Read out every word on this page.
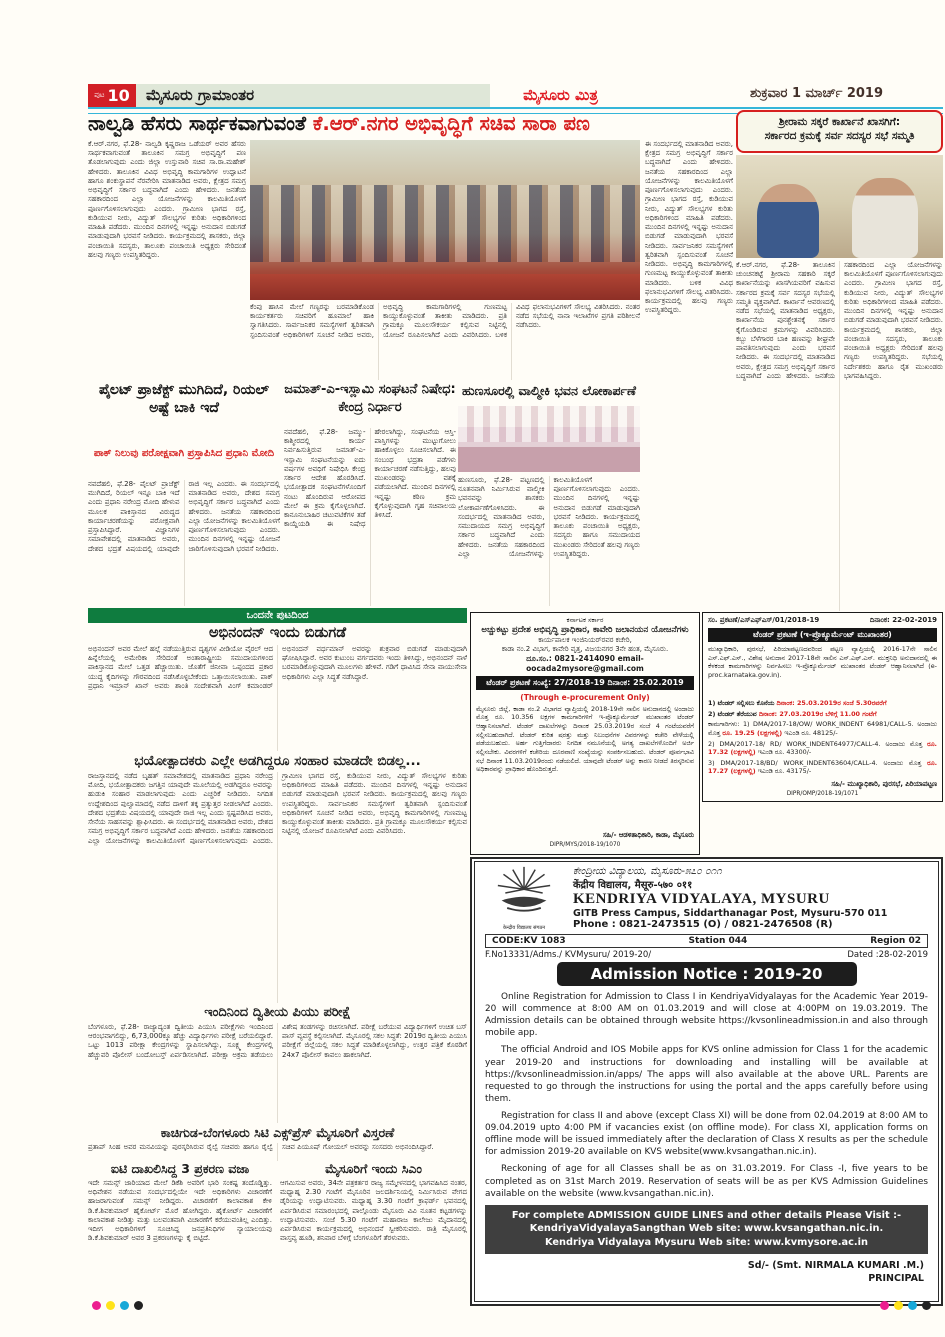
ಪುಟ 10	ಮೈಸೂರು ಗ್ರಾಮಾಂತರ	ಮೈಸೂರು ಮಿತ್ರ	ಶುಕ್ರವಾರ 1 ಮಾರ್ಚ್ 2019
ನಾಲ್ವಡಿ ಹೆಸರು ಸಾರ್ಥಕವಾಗುವಂತೆ ಕೆ.ಆರ್.ನಗರ ಅಭಿವೃದ್ಧಿಗೆ ಸಚಿವ ಸಾರಾ ಪಣ
ಕೆ.ಆರ್.ನಗರ, ಫೆ.28- ನಾಲ್ವಡಿ ಕೃಷ್ಣರಾಜ ಒಡೆಯರ್ ಅವರ ಹೆಸರು ಸಾರ್ಥಕವಾಗುವಂತೆ ತಾಲೂಕಿನ ಸಮಗ್ರ ಅಭಿವೃದ್ಧಿಗೆ ಪಣ ತೊಡಲಾಗುವುದು ಎಂದು ಜಿಲ್ಲಾ ಉಸ್ತುವಾರಿ ಸಚಿವ ಸಾ.ರಾ.ಮಹೇಶ್ ಹೇಳಿದರು. ತಾಲೂಕಿನ ವಿವಿಧ ಅಭಿವೃದ್ಧಿ ಕಾಮಗಾರಿಗಳ ಉದ್ಘಾಟನೆ ಹಾಗೂ ಶಂಕುಸ್ಥಾಪನೆ ನೆರವೇರಿಸಿ ಮಾತನಾಡಿದ ಅವರು, ಕ್ಷೇತ್ರದ ಸಮಗ್ರ ಅಭಿವೃದ್ಧಿಗೆ ಸರ್ಕಾರ ಬದ್ಧವಾಗಿದೆ ಎಂದು ಹೇಳಿದರು. ಜನತೆಯ ಸಹಕಾರದಿಂದ ಎಲ್ಲಾ ಯೋಜನೆಗಳನ್ನು ಕಾಲಮಿತಿಯೊಳಗೆ ಪೂರ್ಣಗೊಳಿಸಲಾಗುವುದು ಎಂದರು. ಗ್ರಾಮೀಣ ಭಾಗದ ರಸ್ತೆ, ಕುಡಿಯುವ ನೀರು, ವಿದ್ಯುತ್ ಸೌಲಭ್ಯಗಳ ಕುರಿತು ಅಧಿಕಾರಿಗಳಿಂದ ಮಾಹಿತಿ ಪಡೆದರು. ಮುಂದಿನ ದಿನಗಳಲ್ಲಿ ಇನ್ನಷ್ಟು ಅನುದಾನ ಬಿಡುಗಡೆ ಮಾಡುವುದಾಗಿ ಭರವಸೆ ನೀಡಿದರು. ಕಾರ್ಯಕ್ರಮದಲ್ಲಿ ಶಾಸಕರು, ಜಿಲ್ಲಾ ಪಂಚಾಯಿತಿ ಸದಸ್ಯರು, ತಾಲೂಕು ಪಂಚಾಯಿತಿ ಅಧ್ಯಕ್ಷರು ಸೇರಿದಂತೆ ಹಲವು ಗಣ್ಯರು ಉಪಸ್ಥಿತರಿದ್ದರು.
ಕೆಂಪು ಹಾಸಿನ ಮೇಲೆ ಗಣ್ಯರನ್ನು ಬರಮಾಡಿಕೊಂಡ ಕಾರ್ಯಕರ್ತರು ಸಚಿವರಿಗೆ ಹೂಮಾಲೆ ಹಾಕಿ ಸ್ವಾಗತಿಸಿದರು. ಸಾರ್ವಜನಿಕರ ಸಮಸ್ಯೆಗಳಿಗೆ ತ್ವರಿತವಾಗಿ ಸ್ಪಂದಿಸುವಂತೆ ಅಧಿಕಾರಿಗಳಿಗೆ ಸೂಚನೆ ನೀಡಿದ ಅವರು, ಅಭಿವೃದ್ಧಿ ಕಾಮಗಾರಿಗಳಲ್ಲಿ ಗುಣಮಟ್ಟ ಕಾಯ್ದುಕೊಳ್ಳುವಂತೆ ತಾಕೀತು ಮಾಡಿದರು. ಪ್ರತಿ ಗ್ರಾಮಕ್ಕೂ ಮೂಲಸೌಕರ್ಯ ಕಲ್ಪಿಸುವ ನಿಟ್ಟಿನಲ್ಲಿ ಯೋಜನೆ ರೂಪಿಸಲಾಗಿದೆ ಎಂದು ವಿವರಿಸಿದರು. ಬಳಿಕ ವಿವಿಧ ಫಲಾನುಭವಿಗಳಿಗೆ ಸೌಲಭ್ಯ ವಿತರಿಸಿದರು. ನಂತರ ನಡೆದ ಸಭೆಯಲ್ಲಿ ನಾನಾ ಇಲಾಖೆಗಳ ಪ್ರಗತಿ ಪರಿಶೀಲನೆ ನಡೆಸಿದರು.
ಈ ಸಂದರ್ಭದಲ್ಲಿ ಮಾತನಾಡಿದ ಅವರು, ಕ್ಷೇತ್ರದ ಸಮಗ್ರ ಅಭಿವೃದ್ಧಿಗೆ ಸರ್ಕಾರ ಬದ್ಧವಾಗಿದೆ ಎಂದು ಹೇಳಿದರು. ಜನತೆಯ ಸಹಕಾರದಿಂದ ಎಲ್ಲಾ ಯೋಜನೆಗಳನ್ನು ಕಾಲಮಿತಿಯೊಳಗೆ ಪೂರ್ಣಗೊಳಿಸಲಾಗುವುದು ಎಂದರು. ಗ್ರಾಮೀಣ ಭಾಗದ ರಸ್ತೆ, ಕುಡಿಯುವ ನೀರು, ವಿದ್ಯುತ್ ಸೌಲಭ್ಯಗಳ ಕುರಿತು ಅಧಿಕಾರಿಗಳಿಂದ ಮಾಹಿತಿ ಪಡೆದರು. ಮುಂದಿನ ದಿನಗಳಲ್ಲಿ ಇನ್ನಷ್ಟು ಅನುದಾನ ಬಿಡುಗಡೆ ಮಾಡುವುದಾಗಿ ಭರವಸೆ ನೀಡಿದರು. ಸಾರ್ವಜನಿಕರ ಸಮಸ್ಯೆಗಳಿಗೆ ತ್ವರಿತವಾಗಿ ಸ್ಪಂದಿಸುವಂತೆ ಸೂಚನೆ ನೀಡಿದರು. ಅಭಿವೃದ್ಧಿ ಕಾಮಗಾರಿಗಳಲ್ಲಿ ಗುಣಮಟ್ಟ ಕಾಯ್ದುಕೊಳ್ಳುವಂತೆ ತಾಕೀತು ಮಾಡಿದರು. ಬಳಿಕ ವಿವಿಧ ಫಲಾನುಭವಿಗಳಿಗೆ ಸೌಲಭ್ಯ ವಿತರಿಸಿದರು. ಕಾರ್ಯಕ್ರಮದಲ್ಲಿ ಹಲವು ಗಣ್ಯರು ಉಪಸ್ಥಿತರಿದ್ದರು.
ಶ್ರೀರಾಮ ಸಕ್ಕರೆ ಕಾರ್ಖಾನೆ ಖಾಸಗಿಗೆ:
ಸರ್ಕಾರದ ಕ್ರಮಕ್ಕೆ ಸರ್ವ ಸದಸ್ಯರ ಸಭೆ ಸಮ್ಮತಿ
ಕೆ.ಆರ್.ನಗರ, ಫೆ.28- ತಾಲೂಕಿನ ಚುಂಚನಕಟ್ಟೆ ಶ್ರೀರಾಮ ಸಹಕಾರಿ ಸಕ್ಕರೆ ಕಾರ್ಖಾನೆಯನ್ನು ಖಾಸಗಿಯವರಿಗೆ ವಹಿಸುವ ಸರ್ಕಾರದ ಕ್ರಮಕ್ಕೆ ಸರ್ವ ಸದಸ್ಯರ ಸಭೆಯಲ್ಲಿ ಸಮ್ಮತಿ ವ್ಯಕ್ತವಾಗಿದೆ. ಕಾರ್ಖಾನೆ ಆವರಣದಲ್ಲಿ ನಡೆದ ಸಭೆಯಲ್ಲಿ ಮಾತನಾಡಿದ ಅಧ್ಯಕ್ಷರು, ಕಾರ್ಖಾನೆಯ ಪುನಶ್ಚೇತನಕ್ಕೆ ಸರ್ಕಾರ ಕೈಗೊಂಡಿರುವ ಕ್ರಮಗಳನ್ನು ವಿವರಿಸಿದರು. ಕಬ್ಬು ಬೆಳೆಗಾರರ ಬಾಕಿ ಹಣವನ್ನು ಶೀಘ್ರವೇ ಪಾವತಿಸಲಾಗುವುದು ಎಂದು ಭರವಸೆ ನೀಡಿದರು. ಈ ಸಂದರ್ಭದಲ್ಲಿ ಮಾತನಾಡಿದ ಅವರು, ಕ್ಷೇತ್ರದ ಸಮಗ್ರ ಅಭಿವೃದ್ಧಿಗೆ ಸರ್ಕಾರ ಬದ್ಧವಾಗಿದೆ ಎಂದು ಹೇಳಿದರು. ಜನತೆಯ ಸಹಕಾರದಿಂದ ಎಲ್ಲಾ ಯೋಜನೆಗಳನ್ನು ಕಾಲಮಿತಿಯೊಳಗೆ ಪೂರ್ಣಗೊಳಿಸಲಾಗುವುದು ಎಂದರು. ಗ್ರಾಮೀಣ ಭಾಗದ ರಸ್ತೆ, ಕುಡಿಯುವ ನೀರು, ವಿದ್ಯುತ್ ಸೌಲಭ್ಯಗಳ ಕುರಿತು ಅಧಿಕಾರಿಗಳಿಂದ ಮಾಹಿತಿ ಪಡೆದರು. ಮುಂದಿನ ದಿನಗಳಲ್ಲಿ ಇನ್ನಷ್ಟು ಅನುದಾನ ಬಿಡುಗಡೆ ಮಾಡುವುದಾಗಿ ಭರವಸೆ ನೀಡಿದರು. ಕಾರ್ಯಕ್ರಮದಲ್ಲಿ ಶಾಸಕರು, ಜಿಲ್ಲಾ ಪಂಚಾಯಿತಿ ಸದಸ್ಯರು, ತಾಲೂಕು ಪಂಚಾಯಿತಿ ಅಧ್ಯಕ್ಷರು ಸೇರಿದಂತೆ ಹಲವು ಗಣ್ಯರು ಉಪಸ್ಥಿತರಿದ್ದರು. ಸಭೆಯಲ್ಲಿ ನಿರ್ದೇಶಕರು ಹಾಗೂ ರೈತ ಮುಖಂಡರು ಭಾಗವಹಿಸಿದ್ದರು.
ಪೈಲಟ್ ಪ್ರಾಜೆಕ್ಟ್ ಮುಗಿದಿದೆ, ರಿಯಲ್ ಅಷ್ಟೆ ಬಾಕಿ ಇದೆ
ಪಾಕ್ ನಿಲುವು ಪರೋಕ್ಷವಾಗಿ ಪ್ರಸ್ತಾಪಿಸಿದ ಪ್ರಧಾನಿ ಮೋದಿ
ನವದೆಹಲಿ, ಫೆ.28- ಪೈಲಟ್ ಪ್ರಾಜೆಕ್ಟ್ ಮುಗಿದಿದೆ, ರಿಯಲ್ ಇನ್ನೂ ಬಾಕಿ ಇದೆ ಎಂದು ಪ್ರಧಾನಿ ನರೇಂದ್ರ ಮೋದಿ ಹೇಳುವ ಮೂಲಕ ಪಾಕಿಸ್ತಾನದ ವಿರುದ್ಧದ ಕಾರ್ಯಾಚರಣೆಯನ್ನು ಪರೋಕ್ಷವಾಗಿ ಪ್ರಸ್ತಾಪಿಸಿದ್ದಾರೆ. ವಿಜ್ಞಾನಿಗಳ ಸಮಾವೇಶದಲ್ಲಿ ಮಾತನಾಡಿದ ಅವರು, ದೇಶದ ಭದ್ರತೆ ವಿಷಯದಲ್ಲಿ ಯಾವುದೇ ರಾಜಿ ಇಲ್ಲ ಎಂದರು. ಈ ಸಂದರ್ಭದಲ್ಲಿ ಮಾತನಾಡಿದ ಅವರು, ದೇಶದ ಸಮಗ್ರ ಅಭಿವೃದ್ಧಿಗೆ ಸರ್ಕಾರ ಬದ್ಧವಾಗಿದೆ ಎಂದು ಹೇಳಿದರು. ಜನತೆಯ ಸಹಕಾರದಿಂದ ಎಲ್ಲಾ ಯೋಜನೆಗಳನ್ನು ಕಾಲಮಿತಿಯೊಳಗೆ ಪೂರ್ಣಗೊಳಿಸಲಾಗುವುದು ಎಂದರು. ಮುಂದಿನ ದಿನಗಳಲ್ಲಿ ಇನ್ನಷ್ಟು ಯೋಜನೆ ಜಾರಿಗೊಳಿಸುವುದಾಗಿ ಭರವಸೆ ನೀಡಿದರು.
ಜಮಾತ್-ಎ-ಇಸ್ಲಾಮಿ ಸಂಘಟನೆ ನಿಷೇಧ: ಕೇಂದ್ರ ನಿರ್ಧಾರ
ನವದೆಹಲಿ, ಫೆ.28- ಜಮ್ಮು-ಕಾಶ್ಮೀರದಲ್ಲಿ ಕಾರ್ಯ ನಿರ್ವಹಿಸುತ್ತಿರುವ ಜಮಾತ್-ಎ-ಇಸ್ಲಾಮಿ ಸಂಘಟನೆಯನ್ನು ಐದು ವರ್ಷಗಳ ಅವಧಿಗೆ ನಿಷೇಧಿಸಿ ಕೇಂದ್ರ ಸರ್ಕಾರ ಆದೇಶ ಹೊರಡಿಸಿದೆ. ಭಯೋತ್ಪಾದಕ ಸಂಘಟನೆಗಳೊಂದಿಗೆ ನಂಟು ಹೊಂದಿರುವ ಆರೋಪದ ಮೇಲೆ ಈ ಕ್ರಮ ಕೈಗೊಳ್ಳಲಾಗಿದೆ. ಕಾನೂನುಬಾಹಿರ ಚಟುವಟಿಕೆಗಳ ತಡೆ ಕಾಯ್ದೆಯಡಿ ಈ ನಿಷೇಧ ಹೇರಲಾಗಿದ್ದು, ಸಂಘಟನೆಯ ಆಸ್ತಿ-ಪಾಸ್ತಿಗಳನ್ನು ಮುಟ್ಟುಗೋಲು ಹಾಕಿಕೊಳ್ಳಲು ಸೂಚಿಸಲಾಗಿದೆ. ಈ ಸಂಬಂಧ ಭದ್ರತಾ ಪಡೆಗಳು ಕಾರ್ಯಾಚರಣೆ ನಡೆಸುತ್ತಿದ್ದು, ಹಲವು ಮುಖಂಡರನ್ನು ವಶಕ್ಕೆ ಪಡೆಯಲಾಗಿದೆ. ಮುಂದಿನ ದಿನಗಳಲ್ಲಿ ಇನ್ನಷ್ಟು ಕಠಿಣ ಕ್ರಮ ಕೈಗೊಳ್ಳುವುದಾಗಿ ಗೃಹ ಸಚಿವಾಲಯ ತಿಳಿಸಿದೆ.
ಹುಣಸೂರಲ್ಲಿ ವಾಲ್ಮೀಕಿ ಭವನ ಲೋಕಾರ್ಪಣೆ
ಹುಣಸೂರು, ಫೆ.28- ಪಟ್ಟಣದಲ್ಲಿ ನೂತನವಾಗಿ ನಿರ್ಮಿಸಿರುವ ವಾಲ್ಮೀಕಿ ಭವನವನ್ನು ಶಾಸಕರು ಲೋಕಾರ್ಪಣೆಗೊಳಿಸಿದರು. ಈ ಸಂದರ್ಭದಲ್ಲಿ ಮಾತನಾಡಿದ ಅವರು, ಸಮುದಾಯದ ಸಮಗ್ರ ಅಭಿವೃದ್ಧಿಗೆ ಸರ್ಕಾರ ಬದ್ಧವಾಗಿದೆ ಎಂದು ಹೇಳಿದರು. ಜನತೆಯ ಸಹಕಾರದಿಂದ ಎಲ್ಲಾ ಯೋಜನೆಗಳನ್ನು ಕಾಲಮಿತಿಯೊಳಗೆ ಪೂರ್ಣಗೊಳಿಸಲಾಗುವುದು ಎಂದರು. ಮುಂದಿನ ದಿನಗಳಲ್ಲಿ ಇನ್ನಷ್ಟು ಅನುದಾನ ಬಿಡುಗಡೆ ಮಾಡುವುದಾಗಿ ಭರವಸೆ ನೀಡಿದರು. ಕಾರ್ಯಕ್ರಮದಲ್ಲಿ ತಾಲೂಕು ಪಂಚಾಯಿತಿ ಅಧ್ಯಕ್ಷರು, ಸದಸ್ಯರು ಹಾಗೂ ಸಮುದಾಯದ ಮುಖಂಡರು ಸೇರಿದಂತೆ ಹಲವು ಗಣ್ಯರು ಉಪಸ್ಥಿತರಿದ್ದರು.
ಒಂದನೇ ಪುಟದಿಂದ
ಅಭಿನಂದನ್ ಇಂದು ಬಿಡುಗಡೆ
ಅಭಿನಂದನ್ ಅವರ ಮೇಲೆ ಹಲ್ಲೆ ನಡೆಯುತ್ತಿರುವ ದೃಶ್ಯಗಳ ವೀಡಿಯೋ ವೈರಲ್ ಆದ ಹಿನ್ನೆಲೆಯಲ್ಲಿ ಅಮೇರಿಕಾ ಸೇರಿದಂತೆ ಅಂತಾರಾಷ್ಟ್ರೀಯ ಸಮುದಾಯಗಳಿಂದ ಪಾಕಿಸ್ತಾನದ ಮೇಲೆ ಒತ್ತಡ ಹೆಚ್ಚಾಯಿತು. ಜೊತೆಗೆ ಜಿನೀವಾ ಒಪ್ಪಂದದ ಪ್ರಕಾರ ಯುದ್ಧ ಕೈದಿಗಳನ್ನು ಗೌರವದಿಂದ ನಡೆಸಿಕೊಳ್ಳಬೇಕೆಂದು ಒತ್ತಾಯಿಸಲಾಯಿತು. ಪಾಕ್ ಪ್ರಧಾನಿ ಇಮ್ರಾನ್ ಖಾನ್ ಅವರು ಶಾಂತಿ ಸಂದೇಶವಾಗಿ ವಿಂಗ್ ಕಮಾಂಡರ್ ಅಭಿನಂದನ್ ವರ್ಧಮಾನ್ ಅವರನ್ನು ಶುಕ್ರವಾರ ಬಿಡುಗಡೆ ಮಾಡುವುದಾಗಿ ಘೋಷಿಸಿದ್ದಾರೆ. ಅವರ ಕುಟುಂಬ ವರ್ಗದವರು ಇಂದು ತಿಳಿಸಿದ್ದು, ಅಭಿನಂದನ್ ನಾಳೆ ಬರಮಾಡಿಕೊಳ್ಳುವುದಾಗಿ ಮೂಲಗಳು ಹೇಳಿವೆ. ಗಡಿಗೆ ಧಾವಿಸಿದ ಸೇನಾ ವಾಯುಸೇನಾ ಅಧಿಕಾರಿಗಳು ಎಲ್ಲಾ ಸಿದ್ಧತೆ ನಡೆಸಿದ್ದಾರೆ.
ಭಯೋತ್ಪಾದಕರು ಎಲ್ಲೇ ಅಡಗಿದ್ದರೂ ಸಂಹಾರ ಮಾಡದೇ ಬಿಡಲ್ಲ...
ರಾಜಸ್ತಾನದಲ್ಲಿ ನಡೆದ ಬೃಹತ್ ಸಮಾವೇಶದಲ್ಲಿ ಮಾತನಾಡಿದ ಪ್ರಧಾನಿ ನರೇಂದ್ರ ಮೋದಿ, ಭಯೋತ್ಪಾದಕರು ಜಗತ್ತಿನ ಯಾವುದೇ ಮೂಲೆಯಲ್ಲಿ ಅಡಗಿದ್ದರೂ ಅವರನ್ನು ಹುಡುಕಿ ಸಂಹಾರ ಮಾಡಲಾಗುವುದು ಎಂದು ಎಚ್ಚರಿಕೆ ನೀಡಿದರು. ನಿಗದಿತ ಉದ್ದೇಶದಿಂದ ಪುಲ್ವಾಮಾದಲ್ಲಿ ನಡೆದ ದಾಳಿಗೆ ತಕ್ಕ ಪ್ರತ್ಯುತ್ತರ ನೀಡಲಾಗಿದೆ ಎಂದರು. ದೇಶದ ಭದ್ರತೆಯ ವಿಷಯದಲ್ಲಿ ಯಾವುದೇ ರಾಜಿ ಇಲ್ಲ ಎಂದು ಸ್ಪಷ್ಟಪಡಿಸಿದ ಅವರು, ಸೇನೆಯ ಸಾಹಸವನ್ನು ಶ್ಲಾಘಿಸಿದರು. ಈ ಸಂದರ್ಭದಲ್ಲಿ ಮಾತನಾಡಿದ ಅವರು, ದೇಶದ ಸಮಗ್ರ ಅಭಿವೃದ್ಧಿಗೆ ಸರ್ಕಾರ ಬದ್ಧವಾಗಿದೆ ಎಂದು ಹೇಳಿದರು. ಜನತೆಯ ಸಹಕಾರದಿಂದ ಎಲ್ಲಾ ಯೋಜನೆಗಳನ್ನು ಕಾಲಮಿತಿಯೊಳಗೆ ಪೂರ್ಣಗೊಳಿಸಲಾಗುವುದು ಎಂದರು. ಗ್ರಾಮೀಣ ಭಾಗದ ರಸ್ತೆ, ಕುಡಿಯುವ ನೀರು, ವಿದ್ಯುತ್ ಸೌಲಭ್ಯಗಳ ಕುರಿತು ಅಧಿಕಾರಿಗಳಿಂದ ಮಾಹಿತಿ ಪಡೆದರು. ಮುಂದಿನ ದಿನಗಳಲ್ಲಿ ಇನ್ನಷ್ಟು ಅನುದಾನ ಬಿಡುಗಡೆ ಮಾಡುವುದಾಗಿ ಭರವಸೆ ನೀಡಿದರು. ಕಾರ್ಯಕ್ರಮದಲ್ಲಿ ಹಲವು ಗಣ್ಯರು ಉಪಸ್ಥಿತರಿದ್ದರು. ಸಾರ್ವಜನಿಕರ ಸಮಸ್ಯೆಗಳಿಗೆ ತ್ವರಿತವಾಗಿ ಸ್ಪಂದಿಸುವಂತೆ ಅಧಿಕಾರಿಗಳಿಗೆ ಸೂಚನೆ ನೀಡಿದ ಅವರು, ಅಭಿವೃದ್ಧಿ ಕಾಮಗಾರಿಗಳಲ್ಲಿ ಗುಣಮಟ್ಟ ಕಾಯ್ದುಕೊಳ್ಳುವಂತೆ ತಾಕೀತು ಮಾಡಿದರು. ಪ್ರತಿ ಗ್ರಾಮಕ್ಕೂ ಮೂಲಸೌಕರ್ಯ ಕಲ್ಪಿಸುವ ನಿಟ್ಟಿನಲ್ಲಿ ಯೋಜನೆ ರೂಪಿಸಲಾಗಿದೆ ಎಂದು ವಿವರಿಸಿದರು.
ಇಂದಿನಿಂದ ದ್ವಿತೀಯ ಪಿಯು ಪರೀಕ್ಷೆ
ಬೆಂಗಳೂರು, ಫೆ.28- ರಾಜ್ಯಾದ್ಯಂತ ದ್ವಿತೀಯ ಪಿಯುಸಿ ಪರೀಕ್ಷೆಗಳು ಇಂದಿನಿಂದ ಆರಂಭವಾಗಲಿದ್ದು, 6,73,000ಕ್ಕೂ ಹೆಚ್ಚು ವಿದ್ಯಾರ್ಥಿಗಳು ಪರೀಕ್ಷೆ ಬರೆಯಲಿದ್ದಾರೆ. ಒಟ್ಟು 1013 ಪರೀಕ್ಷಾ ಕೇಂದ್ರಗಳನ್ನು ಸ್ಥಾಪಿಸಲಾಗಿದ್ದು, ಸೂಕ್ಷ್ಮ ಕೇಂದ್ರಗಳಲ್ಲಿ ಹೆಚ್ಚುವರಿ ಪೊಲೀಸ್ ಬಂದೋಬಸ್ತ್ ಏರ್ಪಡಿಸಲಾಗಿದೆ. ಪರೀಕ್ಷಾ ಅಕ್ರಮ ತಡೆಯಲು ವಿಶೇಷ ತಂಡಗಳನ್ನು ರಚಿಸಲಾಗಿದೆ. ಪರೀಕ್ಷೆ ಬರೆಯುವ ವಿದ್ಯಾರ್ಥಿಗಳಿಗೆ ಉಚಿತ ಬಸ್ ಪಾಸ್ ವ್ಯವಸ್ಥೆ ಕಲ್ಪಿಸಲಾಗಿದೆ. ಮೈಸೂರಲ್ಲಿ ಸಕಲ ಸಿದ್ಧತೆ: 2019ರ ದ್ವಿತೀಯ ಪಿಯುಸಿ ಪರೀಕ್ಷೆಗೆ ಜಿಲ್ಲೆಯಲ್ಲಿ ಸಕಲ ಸಿದ್ಧತೆ ಮಾಡಿಕೊಳ್ಳಲಾಗಿದ್ದು, ಉತ್ತರ ಪತ್ರಿಕೆ ಕೊಠಡಿಗೆ 24x7 ಪೊಲೀಸ್ ಕಾವಲು ಹಾಕಲಾಗಿದೆ.
ಕಾಚಿಗುಡ-ಬೆಂಗಳೂರು ಸಿಟಿ ಎಕ್ಸ್‌ಪ್ರೆಸ್ ಮೈಸೂರಿಗೆ ವಿಸ್ತರಣೆ
ಪ್ರತಾಪ್ ಸಿಂಹ ಅವರ ಮನವಿಯನ್ನು ಪುರಸ್ಕರಿಸಿರುವ ರೈಲ್ವೆ ಸಚಿವರು ಹಾಗೂ ರೈಲ್ವೆ ಸಚಿವ ಪಿಯೂಷ್ ಗೋಯಲ್ ಅವರನ್ನು ಸಂಸದರು ಅಭಿನಂದಿಸಿದ್ದಾರೆ.
ಐಟಿ ದಾಖಲಿಸಿದ್ದ 3 ಪ್ರಕರಣ ವಜಾ
ಇದೇ ಸಮನ್ಸ್ ಜಾರಿಯಾದ ಮೇಲೆ ಡಿಕೆಶಿ ಅವರಿಗೆ ಭಾರಿ ಸಂಕಷ್ಟ ತಂದೊಡ್ಡಿತ್ತು. ಅಧಿವೇಶನ ನಡೆಯುವ ಸಂದರ್ಭದಲ್ಲಿಯೇ ಇದೇ ಅಧಿಕಾರಿಗಳು ವಿಚಾರಣೆಗೆ ಹಾಜರಾಗುವಂತೆ ಸಮನ್ಸ್ ನೀಡಿದ್ದರು. ವಿಚಾರಣೆಗೆ ಕಾಲಾವಕಾಶ ಕೇಳಿ ಡಿ.ಕೆ.ಶಿವಕುಮಾರ್ ಹೈಕೋರ್ಟ್ ಮೊರೆ ಹೋಗಿದ್ದರು. ಹೈಕೋರ್ಟ್ ವಿಚಾರಣೆಗೆ ಕಾಲಾವಕಾಶ ನೀಡಿತ್ತು ಮತ್ತು ಬಲವಂತವಾಗಿ ವಿಚಾರಣೆಗೆ ಕರೆಯುವಂತಿಲ್ಲ ಎಂದಿತ್ತು. ಇದೀಗ ಅಧಿಕಾರಿಗಳಿಗೆ ಸೂಚಿಸಿದ್ದ ಜನಪ್ರತಿನಿಧಿಗಳ ನ್ಯಾಯಾಲಯವು ಡಿ.ಕೆ.ಶಿವಕುಮಾರ್ ಅವರ 3 ಪ್ರಕರಣಗಳನ್ನು ಕೈ ಬಿಟ್ಟಿದೆ.
ಮೈಸೂರಿಗೆ ಇಂದು ಸಿಎಂ
ಆಗಮಿಸುವ ಅವರು, 34ನೇ ಪತ್ರಕರ್ತರ ರಾಜ್ಯ ಸಮ್ಮೇಳನದಲ್ಲಿ ಭಾಗವಹಿಸಿದ ನಂತರ, ಮಧ್ಯಾಹ್ನ 2.30 ಗಂಟೆಗೆ ಮೈಸೂರಿನ ಜಲದರ್ಶಿನಿಯಲ್ಲಿ ನಿರ್ಮಿಸಿರುವ ವೇಗದ ಡೈರಿಯನ್ನು ಉದ್ಘಾಟಿಸುವರು. ಮಧ್ಯಾಹ್ನ 3.30 ಗಂಟೆಗೆ ಕ್ರಾಫರ್ಡ್ ಭವನದಲ್ಲಿ ಏರ್ಪಡಿಸಿರುವ ಸಮಾರಂಭದಲ್ಲಿ ಪಾಲ್ಗೊಂಡು ಮೈಸೂರು ವಿವಿ ನೂತನ ಕಟ್ಟಡಗಳನ್ನು ಉದ್ಘಾಟಿಸುವರು. ಸಂಜೆ 5.30 ಗಂಟೆಗೆ ಮಹಾರಾಜ ಕಾಲೇಜು ಮೈದಾನದಲ್ಲಿ ಏರ್ಪಡಿಸಿರುವ ಕಾರ್ಯಕ್ರಮದಲ್ಲಿ ಅಭಿನಂದನೆ ಸ್ವೀಕರಿಸುವರು. ರಾತ್ರಿ ಮೈಸೂರಲ್ಲಿ ವಾಸ್ತವ್ಯ ಹೂಡಿ, ಶನಿವಾರ ಬೆಳಿಗ್ಗೆ ಬೆಂಗಳೂರಿಗೆ ತೆರಳುವರು.
ಕರ್ನಾಟಕ ಸರ್ಕಾರ
ಅಚ್ಚುಕಟ್ಟು ಪ್ರದೇಶ ಅಭಿವೃದ್ಧಿ ಪ್ರಾಧಿಕಾರ, ಕಾವೇರಿ ಜಲಾನಯನ ಯೋಜನೆಗಳು
ಕಾರ್ಯಪಾಲಕ ಇಂಜಿನಿಯರ್‌ರವರ ಕಚೇರಿ,
ಕಾಡಾ ನಂ.2 ವಿಭಾಗ, ಕಾವೇರಿ ವೃತ್ತ, ವಿಜಯನಗರ 3ನೇ ಹಂತ, ಮೈಸೂರು.
ದೂ.ಸಂ.: 0821-2414090 email-oocada2mysore@gmail.com
ಟೆಂಡರ್ ಪ್ರಕಟಣೆ ಸಂಖ್ಯೆ: 27/2018-19 ದಿನಾಂಕ: 25.02.2019
(Through e-procurement Only)
ಮೈಸೂರು ಜಿಲ್ಲೆ, ಕಾಡಾ ನಂ.2 ವಿಭಾಗದ ವ್ಯಾಪ್ತಿಯಲ್ಲಿ 2018-19ನೇ ಸಾಲಿನ ಅನುದಾನದಲ್ಲಿ ಅಂದಾಜು ಮೊತ್ತ ರೂ. 10.356 ಲಕ್ಷಗಳ ಕಾಮಗಾರಿಗಳಿಗೆ ಇ-ಪ್ರೊಕ್ಯೂರ್ಮೆಂಟ್ ಮುಖಾಂತರ ಟೆಂಡರ್ ಆಹ್ವಾನಿಸಲಾಗಿದೆ. ಟೆಂಡರ್ ದಾಖಲೆಗಳನ್ನು ದಿನಾಂಕ 25.03.2019ರ ಸಂಜೆ 4 ಗಂಟೆಯವರೆಗೆ ಸಲ್ಲಿಸಬಹುದಾಗಿದೆ. ಟೆಂಡರ್ ಕುರಿತ ಷರತ್ತು ಮತ್ತು ನಿಬಂಧನೆಗಳ ವಿವರಗಳನ್ನು ಕಚೇರಿ ವೇಳೆಯಲ್ಲಿ ಪಡೆಯಬಹುದು. ಅರ್ಹ ಗುತ್ತಿಗೆದಾರರು ನಿಗದಿತ ನಮೂನೆಯಲ್ಲಿ ಅಗತ್ಯ ದಾಖಲೆಗಳೊಂದಿಗೆ ಅರ್ಜಿ ಸಲ್ಲಿಸಬೇಕು. ವಿವರಗಳಿಗೆ ಕಚೇರಿಯ ದೂರವಾಣಿ ಸಂಖ್ಯೆಯನ್ನು ಸಂಪರ್ಕಿಸಬಹುದು. ಟೆಂಡರ್ ಪೂರ್ವಭಾವಿ ಸಭೆ ದಿನಾಂಕ 11.03.2019ರಂದು ನಡೆಯಲಿದೆ. ಯಾವುದೇ ಟೆಂಡರ್ ಅನ್ನು ಕಾರಣ ನೀಡದೆ ತಿರಸ್ಕರಿಸುವ ಅಧಿಕಾರವನ್ನು ಪ್ರಾಧಿಕಾರ ಹೊಂದಿರುತ್ತದೆ.
ಸಹಿ/- ಆಡಳಿತಾಧಿಕಾರಿ, ಕಾಡಾ, ಮೈಸೂರು
DIPR/MYS/2018-19/1070
ಸಂ. ಪ್ರಕಟಣೆ/ಎಸ್‌ಎಫ್‌ಎಸ್/01/2018-19	ದಿನಾಂಕ: 22-02-2019
ಟೆಂಡರ್ ಪ್ರಕಟಣೆ (ಇ-ಪ್ರೊಕ್ಯೂರ್ಮೆಂಟ್ ಮುಖಾಂತರ)
ಮುಖ್ಯಾಧಿಕಾರಿ, ಪುರಸಭೆ, ಪಿರಿಯಾಪಟ್ಟಣದವರಿಂದ ಪಟ್ಟಣ ವ್ಯಾಪ್ತಿಯಲ್ಲಿ 2016-17ನೇ ಸಾಲಿನ ಎಸ್.ಎಫ್.ಎಸ್., ವಿಶೇಷ ಅನುದಾನ 2017-18ನೇ ಸಾಲಿನ ಎಸ್.ಎಫ್.ಎಸ್. ಮುಕ್ತನಿಧಿ ಅನುದಾನದಲ್ಲಿ ಈ ಕೆಳಕಂಡ ಕಾಮಗಾರಿಗಳನ್ನು ನಿರ್ವಹಿಸಲು ಇ-ಪ್ರೊಕ್ಯೂರ್ಮೆಂಟ್ ಮುಖಾಂತರ ಟೆಂಡರ್ ಆಹ್ವಾನಿಸಲಾಗಿದೆ (e-proc.karnataka.gov.in).
1) ಟೆಂಡರ್ ಸಲ್ಲಿಸಲು ಕೊನೆಯ ದಿನಾಂಕ: 25.03.2019ರ ಸಂಜೆ 5.30ರವರೆಗೆ
2) ಟೆಂಡರ್ ತೆರೆಯುವ ದಿನಾಂಕ: 27.03.2019ರ ಬೆಳಿಗ್ಗೆ 11.00 ಗಂಟೆಗೆ
ಕಾಮಗಾರಿಗಳು: 1) DMA/2017-18/OW/ WORK_INDENT 64981/CALL-5. ಅಂದಾಜು ಮೊತ್ತ ರೂ. 19.25 (ಲಕ್ಷಗಳಲ್ಲಿ) ಇಎಂಡಿ ರೂ. 48125/-
2) DMA/2017-18/ RD/ WORK_INDENT64977/CALL-4. ಅಂದಾಜು ಮೊತ್ತ ರೂ. 17.32 (ಲಕ್ಷಗಳಲ್ಲಿ) ಇಎಂಡಿ ರೂ. 43300/-
3) DMA/2017-18/BD/ WORK_INDENT63604/CALL-4. ಅಂದಾಜು ಮೊತ್ತ ರೂ. 17.27 (ಲಕ್ಷಗಳಲ್ಲಿ) ಇಎಂಡಿ ರೂ. 43175/-
ಸಹಿ/- ಮುಖ್ಯಾಧಿಕಾರಿ, ಪುರಸಭೆ, ಪಿರಿಯಾಪಟ್ಟಣ
DIPR/OMP/2018-19/1071
केन्द्रीय विद्यालय संगठन
ಕೇಂದ್ರೀಯ ವಿದ್ಯಾಲಯ, ಮೈಸೂರು-೫೭೦ ೦೧೧
केंद्रीय विद्यालय, मैसूरु-५७० ०११
KENDRIYA VIDYALAYA, MYSURU
GITB Press Campus, Siddarthanagar Post, Mysuru-570 011
Phone : 0821-2473515 (O) / 0821-2476508 (R)
CODE:KV 1083	Station 044	Region 02
F.No13331/Adms./ KVMysuru/ 2019-20/	Dated :28-02-2019
Admission Notice : 2019-20

Online Registration for Admission to Class I in KendriyaVidyalayas for the Academic Year 2019-20 will commence at 8:00 AM on 01.03.2019 and will close at 4:00PM on 19.03.2019. The Admission details can be obtained through website https://kvsonlineadmission.in and also through mobile app.

The official Android and IOS Mobile apps for KVS online admission for Class 1 for the academic year 2019-20 and instructions for downloading and installing will be available at https://kvsonlineadmission.in/apps/ The apps will also available at the above URL. Parents are requested to go through the instructions for using the portal and the apps carefully before using them.

Registration for class II and above (except Class XI) will be done from 02.04.2019 at 8:00 AM to 09.04.2019 upto 4:00 PM if vacancies exist (on offline mode). For class XI, application forms on offline mode will be issued immediately after the declaration of Class X results as per the schedule for admission 2019-20 available on KVS website(www.kvsangathan.nic.in).

Reckoning of age for all Classes shall be as on 31.03.2019. For Class -I, five years to be completed as on 31st March 2019. Reservation of seats will be as per KVS Admission Guidelines available on the website (www.kvsangathan.nic.in).

For complete ADMISSION GUIDE LINES and other details Please Visit :-
KendriyaVidyalayaSangthan Web site: www.kvsangathan.nic.in.
Kendriya Vidyalaya Mysuru Web site: www.kvmysore.ac.in
Sd/- (Smt. NIRMALA KUMARI .M.)
PRINCIPAL
